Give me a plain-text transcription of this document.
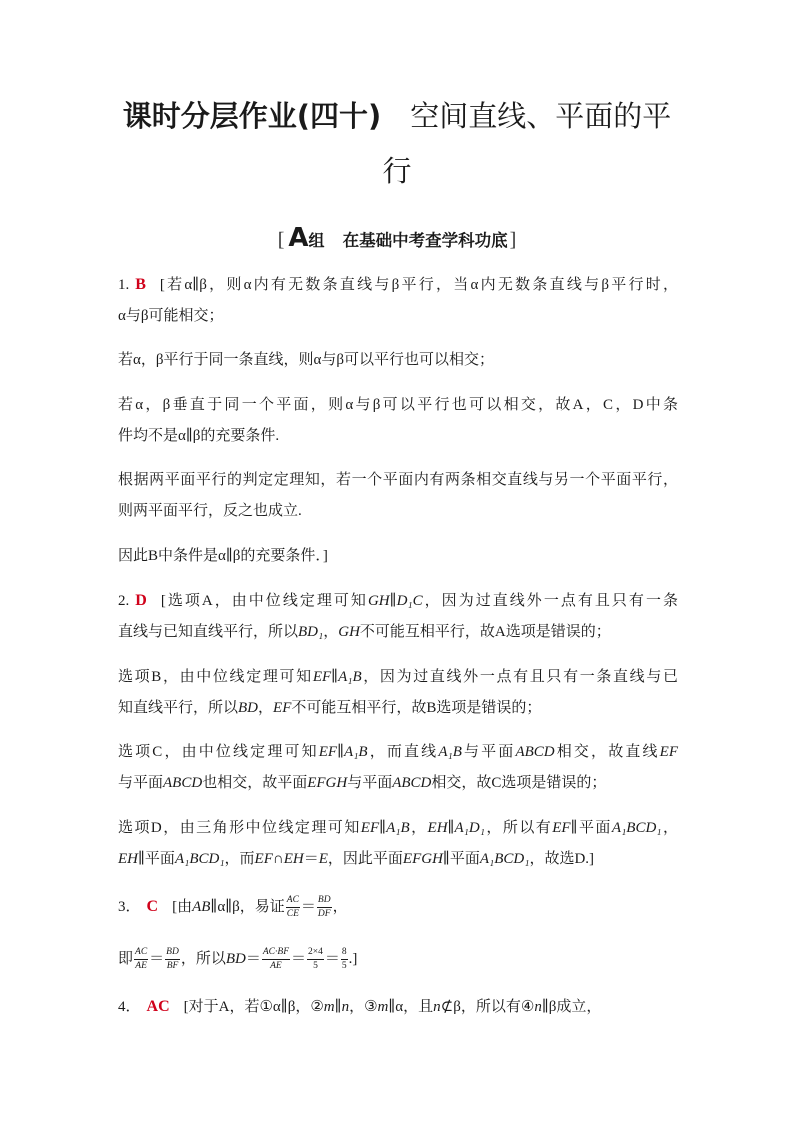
课时分层作业(四十) 空间直线、平面的平
行
[ A 组 在基础中考查学科功底 ]
1. B [若α∥β，则α内有无数条直线与β平行，当α内无数条直线与β平行时，
α与β可能相交；
若α，β平行于同一条直线，则α与β可以平行也可以相交；
若α，β垂直于同一个平面，则α与β可以平行也可以相交，故A，C，D中条
件均不是α∥β的充要条件.
根据两平面平行的判定定理知，若一个平面内有两条相交直线与另一个平面平行，
则两平面平行，反之也成立.
因此B中条件是α∥β的充要条件．]
2. D [选项A，由中位线定理可知GH∥D₁C，因为过直线外一点有且只有一条
直线与已知直线平行，所以BD₁，GH不可能互相平行，故A选项是错误的；
选项B，由中位线定理可知EF∥A₁B，因为过直线外一点有且只有一条直线与已
知直线平行，所以BD，EF不可能互相平行，故B选项是错误的；
选项C，由中位线定理可知EF∥A₁B，而直线A₁B与平面ABCD相交，故直线EF
与平面ABCD也相交，故平面EFGH与平面ABCD相交，故C选项是错误的；
选项D，由三角形中位线定理可知EF∥A₁B，EH∥A₁D₁，所以有EF∥平面A₁BCD₁，
EH∥平面A₁BCD₁，而EF∩EH＝E，因此平面EFGH∥平面A₁BCD₁，故选D.]
3． C [由AB∥α∥β，易证 $\frac{AC}{CE} = \frac{BD}{DF}$ ，
即 $\frac{AC}{AE} = \frac{BD}{BF}$ ，所以$BD= \frac{AC\cdot BF}{AE} = \frac{2\times 4}{5} = \frac{8}{5}$ .]
4． AC [对于A，若①α∥β，②m∥n，③m∥α，且n⊄β，所以有④n∥β成立，
